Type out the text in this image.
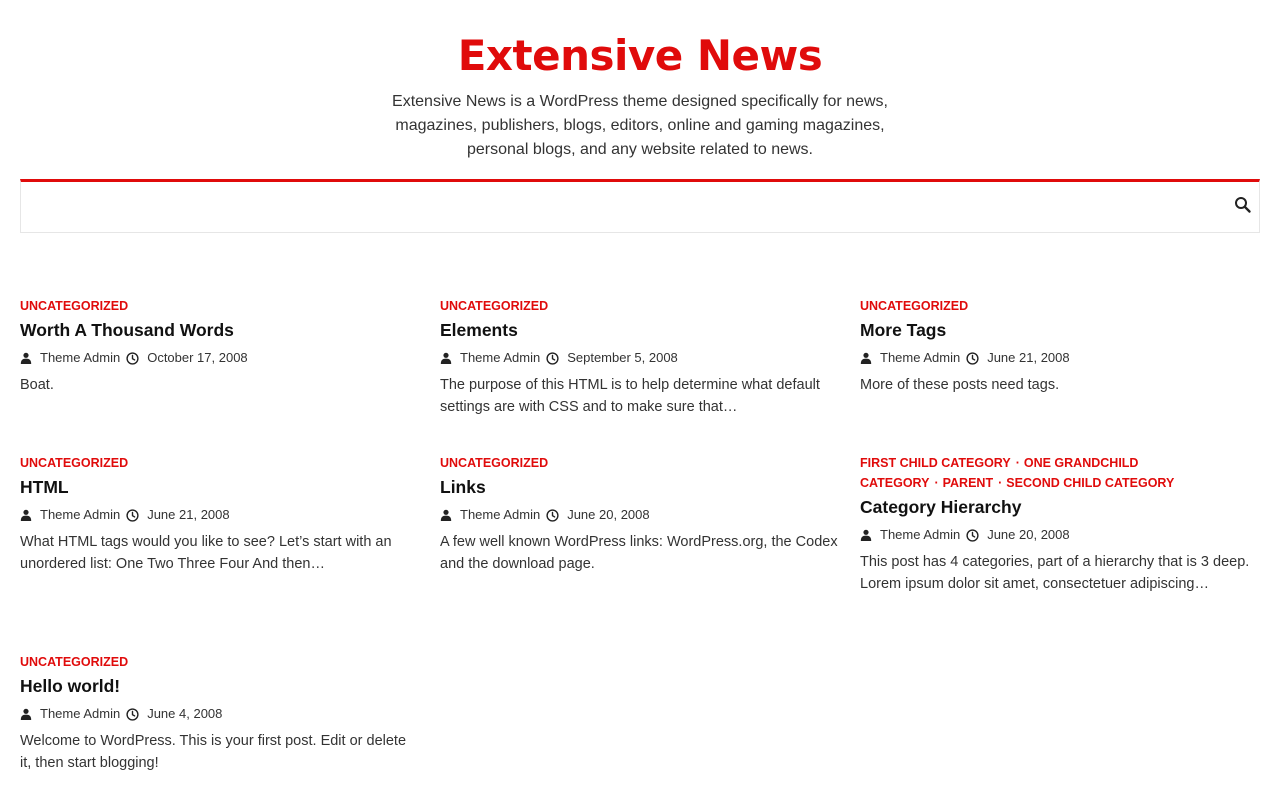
Extensive News
Extensive News is a WordPress theme designed specifically for news, magazines, publishers, blogs, editors, online and gaming magazines, personal blogs, and any website related to news.
UNCATEGORIZED
Worth A Thousand Words
Theme Admin October 17, 2008

Boat.

UNCATEGORIZED
Elements
Theme Admin September 5, 2008

The purpose of this HTML is to help determine what default settings are with CSS and to make sure that…

UNCATEGORIZED
More Tags
Theme Admin June 21, 2008

More of these posts need tags.

UNCATEGORIZED
HTML
Theme Admin June 21, 2008

What HTML tags would you like to see? Let’s start with an unordered list: One Two Three Four And then…

UNCATEGORIZED
Links
Theme Admin June 20, 2008

A few well known WordPress links: WordPress.org, the Codex and the download page.

FIRST CHILD CATEGORY · ONE GRANDCHILD CATEGORY · PARENT · SECOND CHILD CATEGORY
Category Hierarchy
Theme Admin June 20, 2008

This post has 4 categories, part of a hierarchy that is 3 deep. Lorem ipsum dolor sit amet, consectetuer adipiscing…

UNCATEGORIZED
Hello world!
Theme Admin June 4, 2008

Welcome to WordPress. This is your first post. Edit or delete it, then start blogging!
